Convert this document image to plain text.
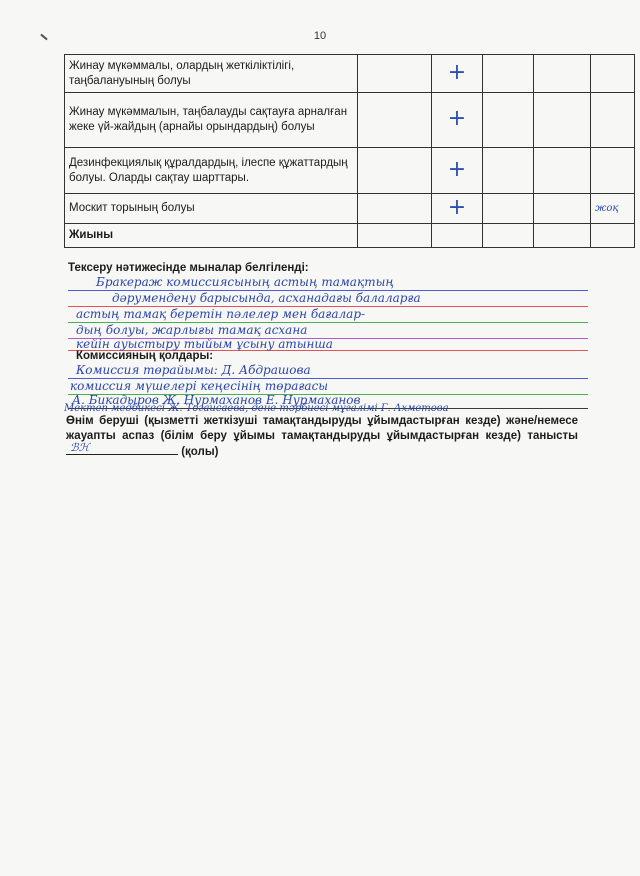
10
Жинау мүкәммалы, олардың жеткіліктілігі, таңбалануының болуы		+			
Жинау мүкәммалын, таңбалауды сақтауға арналған жеке үй-жайдың (арнайы орындардың) болуы		+			
Дезинфекциялық құралдардың, ілеспе құжаттардың болуы. Оларды сақтау шарттары.		+			
Москит торының болуы		+			жоқ
Жиыны					
Тексеру нәтижесінде мыналар белгіленді:
Бракераж комиссиясының астың тамақтың
дәрумендену барысында, асханадағы балаларға
астың тамақ беретін пәлелер мен бағалар-
дың болуы, жарлығы тамақ асхана
кейін ауыстыру тыйым ұсыну атынша
Комиссияның қолдары:
Комиссия төрайымы: Д. Абдрашова
комиссия мүшелері кеңесінің төрағасы
А. Бикадыров Ж. Нурмаханов Е. Нурмаханов
Мектеп медбикесі Ж. Тогаисаева, дене тәрбиесі мұғалімі Г. Ахметова
Өнім беруші (қызметті жеткізуші тамақтандыруды ұйымдастырған кезде) және/немесе жауапты аспаз (білім беру ұйымы тамақтандыруды ұйымдастырған кезде) танысты
ℬℋ	(қолы)
